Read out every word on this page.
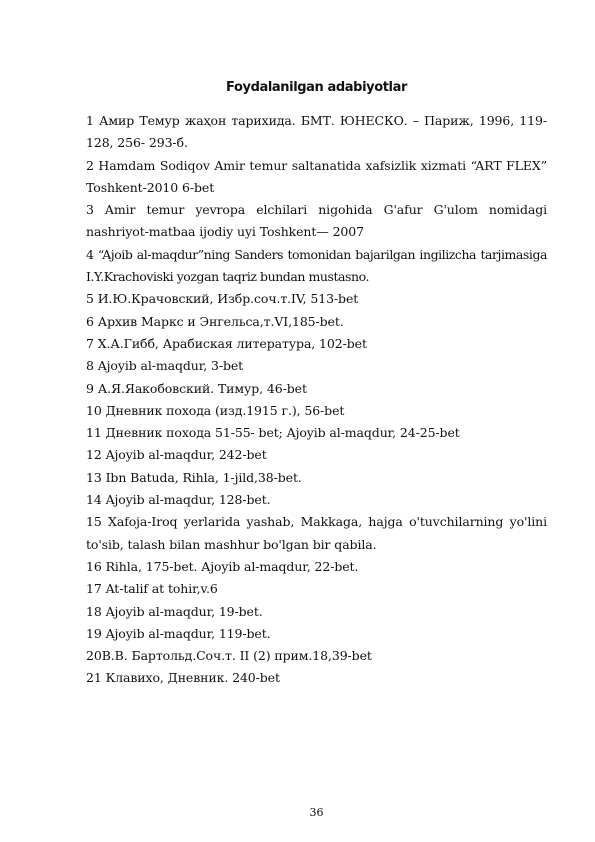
Foydalanilgan adabiyotlar

1 Амир Темур жаҳон тарихида. БМТ. ЮНЕСКО. – Париж, 1996, 119-128, 256- 293-б.

2 Hamdam Sodiqov Amir temur saltanatida xafsizlik xizmati “ART FLEX” Toshkent-2010 6-bet

3 Amir temur yevropa elchilari nigohida G'afur G'ulom nomidagi nashriyot-matbaa ijodiy uyi Toshkent— 2007

4 “Ajoib al-maqdur”ning Sanders tomonidan bajarilgan ingilizcha tarjimasiga I.Y.Krachoviski yozgan taqriz bundan mustasno.

5 И.Ю.Крачовский, Избр.соч.т.IV, 513-bet

6 Архив Маркс и Энгельса,т.VI,185-bet.

7 Х.А.Гибб, Арабиская литература, 102-bet

8 Ajoyib al-maqdur, 3-bet

9 А.Я.Яакобовский. Тимур, 46-bet

10 Дневник похода (изд.1915 г.), 56-bet

11 Дневник похода 51-55- bet; Ajoyib al-maqdur, 24-25-bet

12 Ajoyib al-maqdur, 242-bet

13 Ibn Batuda, Rihla, 1-jild,38-bet.

14 Ajoyib al-maqdur, 128-bet.

15 Xafoja-Iroq yerlarida yashab, Makkaga, hajga o'tuvchilarning yo'lini to'sib, talash bilan mashhur bo'lgan bir qabila.

16 Rihla, 175-bet. Ajoyib al-maqdur, 22-bet.

17 At-talif at tohir,v.6

18 Ajoyib al-maqdur, 19-bet.

19 Ajoyib al-maqdur, 119-bet.

20В.В. Бартольд.Соч.т. II (2) прим.18,39-bet

21 Клавихо, Дневник. 240-bet

36
